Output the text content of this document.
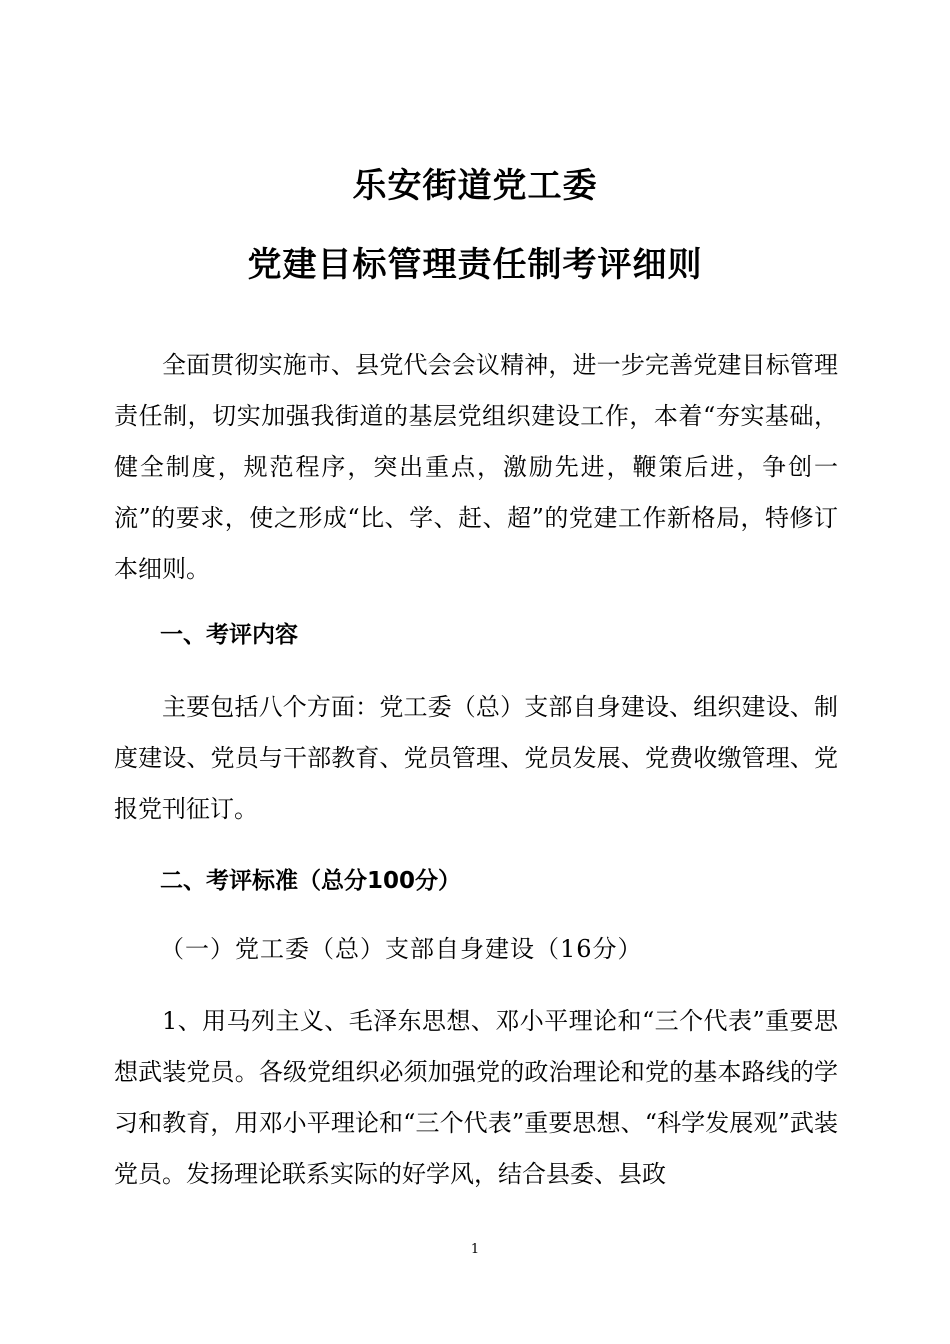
乐安街道党工委
党建目标管理责任制考评细则
全面贯彻实施市、县党代会会议精神，进一步完善党建目标管理责任制，切实加强我街道的基层党组织建设工作，本着“夯实基础，健全制度，规范程序，突出重点，激励先进，鞭策后进，争创一流”的要求，使之形成“比、学、赶、超”的党建工作新格局，特修订本细则。
一、考评内容
主要包括八个方面：党工委（总）支部自身建设、组织建设、制度建设、党员与干部教育、党员管理、党员发展、党费收缴管理、党报党刊征订。
二、考评标准（总分100分）
（一）党工委（总）支部自身建设（16分）
1、用马列主义、毛泽东思想、邓小平理论和“三个代表”重要思想武装党员。各级党组织必须加强党的政治理论和党的基本路线的学习和教育，用邓小平理论和“三个代表”重要思想、“科学发展观”武装党员。发扬理论联系实际的好学风，结合县委、县政
1
